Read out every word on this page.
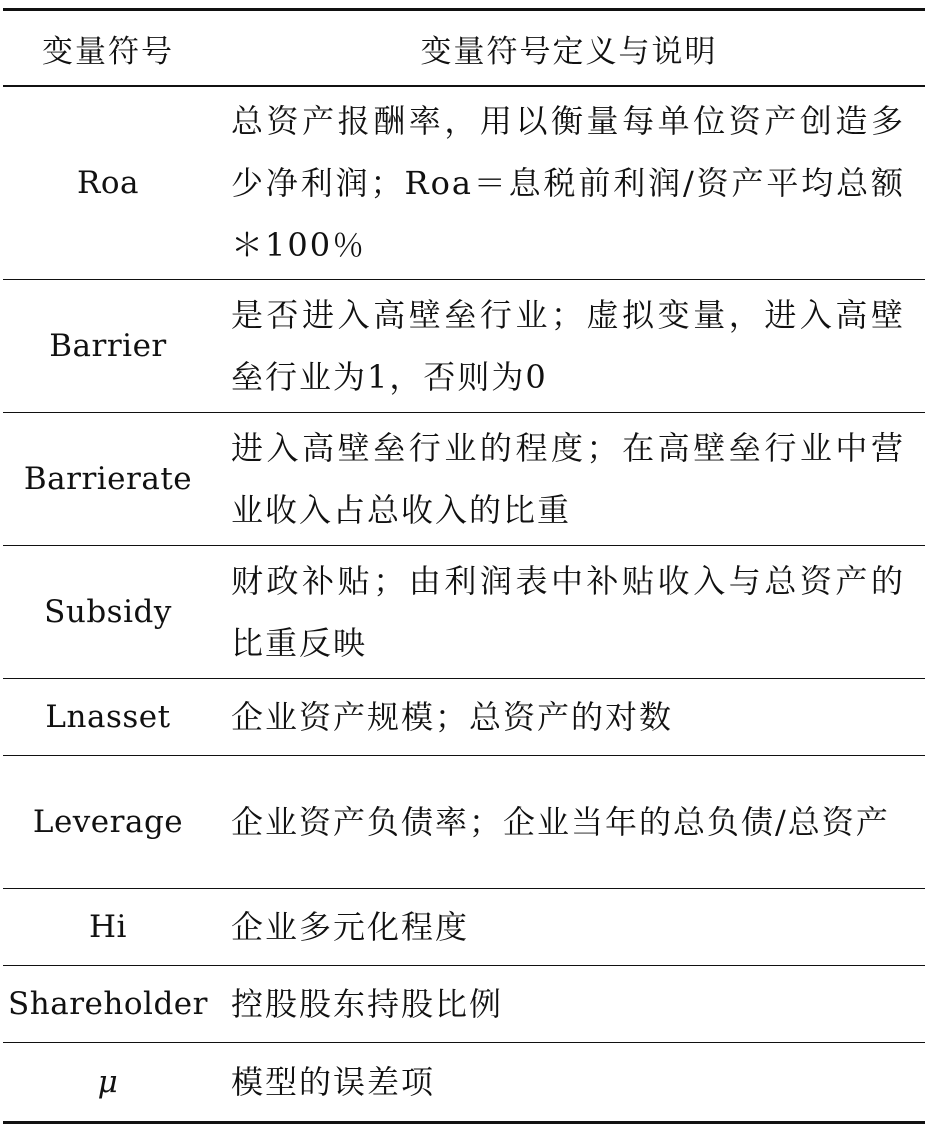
变量符号	变量符号定义与说明
Roa	总资产报酬率，用以衡量每单位资产创造多少净利润；Roa＝息税前利润/资产平均总额＊100％
Barrier	是否进入高壁垒行业；虚拟变量，进入高壁垒行业为1，否则为0
Barrierate	进入高壁垒行业的程度；在高壁垒行业中营业收入占总收入的比重
Subsidy	财政补贴；由利润表中补贴收入与总资产的比重反映
Lnasset	企业资产规模；总资产的对数
Leverage	企业资产负债率；企业当年的总负债/总资产
Hi	企业多元化程度
Shareholder	控股股东持股比例
μ	模型的误差项
